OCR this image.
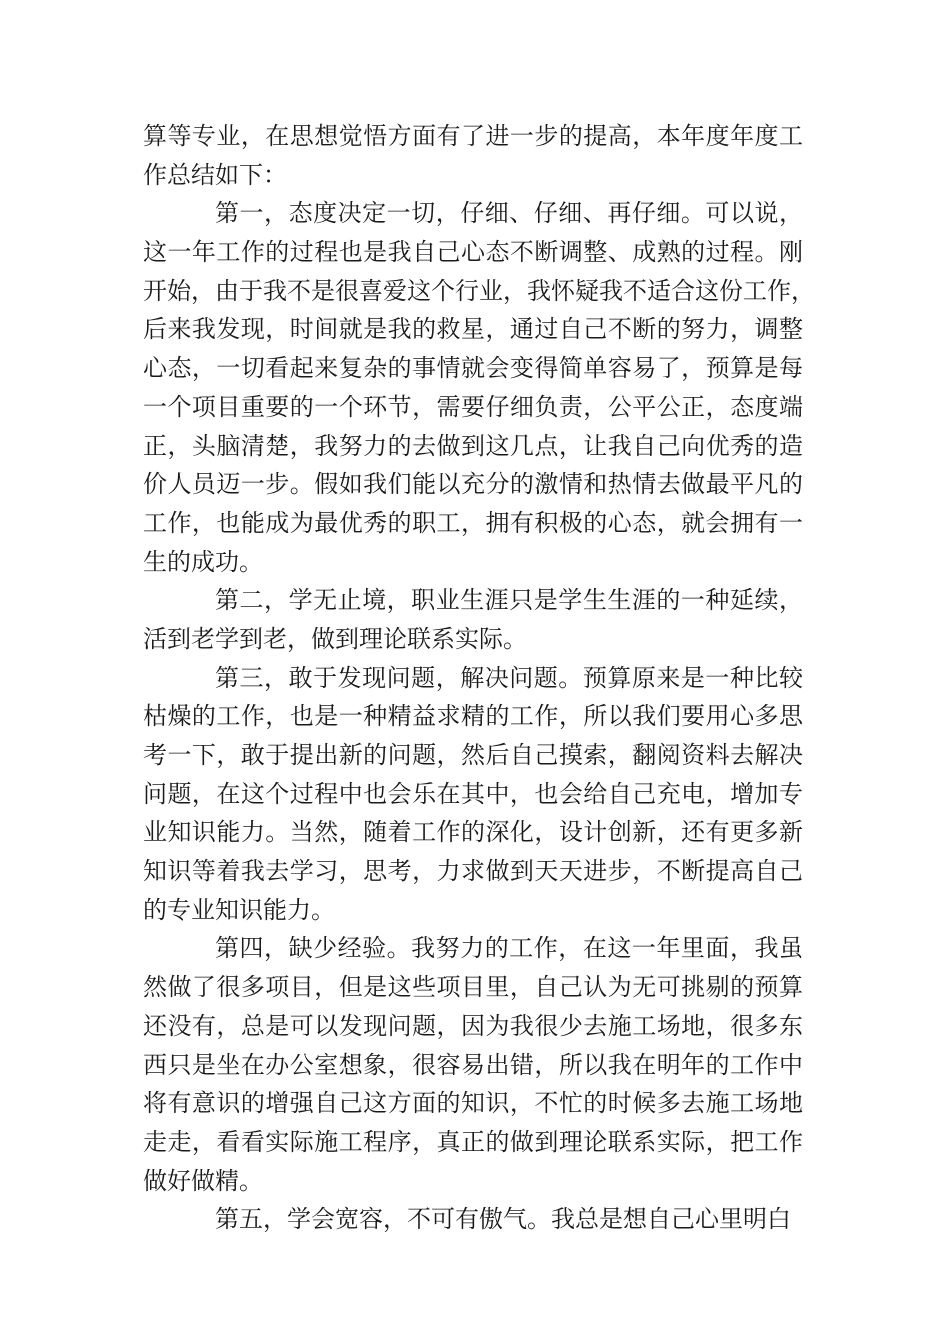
算等专业，在思想觉悟方面有了进一步的提高，本年度年度工
作总结如下：
第一，态度决定一切，仔细、仔细、再仔细。可以说，
这一年工作的过程也是我自己心态不断调整、成熟的过程。刚
开始，由于我不是很喜爱这个行业，我怀疑我不适合这份工作，
后来我发现，时间就是我的救星，通过自己不断的努力，调整
心态，一切看起来复杂的事情就会变得简单容易了，预算是每
一个项目重要的一个环节，需要仔细负责，公平公正，态度端
正，头脑清楚，我努力的去做到这几点，让我自己向优秀的造
价人员迈一步。假如我们能以充分的激情和热情去做最平凡的
工作，也能成为最优秀的职工，拥有积极的心态，就会拥有一
生的成功。
第二，学无止境，职业生涯只是学生生涯的一种延续，
活到老学到老，做到理论联系实际。
第三，敢于发现问题，解决问题。预算原来是一种比较
枯燥的工作，也是一种精益求精的工作，所以我们要用心多思
考一下，敢于提出新的问题，然后自己摸索，翻阅资料去解决
问题，在这个过程中也会乐在其中，也会给自己充电，增加专
业知识能力。当然，随着工作的深化，设计创新，还有更多新
知识等着我去学习，思考，力求做到天天进步，不断提高自己
的专业知识能力。
第四，缺少经验。我努力的工作，在这一年里面，我虽
然做了很多项目，但是这些项目里，自己认为无可挑剔的预算
还没有，总是可以发现问题，因为我很少去施工场地，很多东
西只是坐在办公室想象，很容易出错，所以我在明年的工作中
将有意识的增强自己这方面的知识，不忙的时候多去施工场地
走走，看看实际施工程序，真正的做到理论联系实际，把工作
做好做精。
第五，学会宽容，不可有傲气。我总是想自己心里明白
